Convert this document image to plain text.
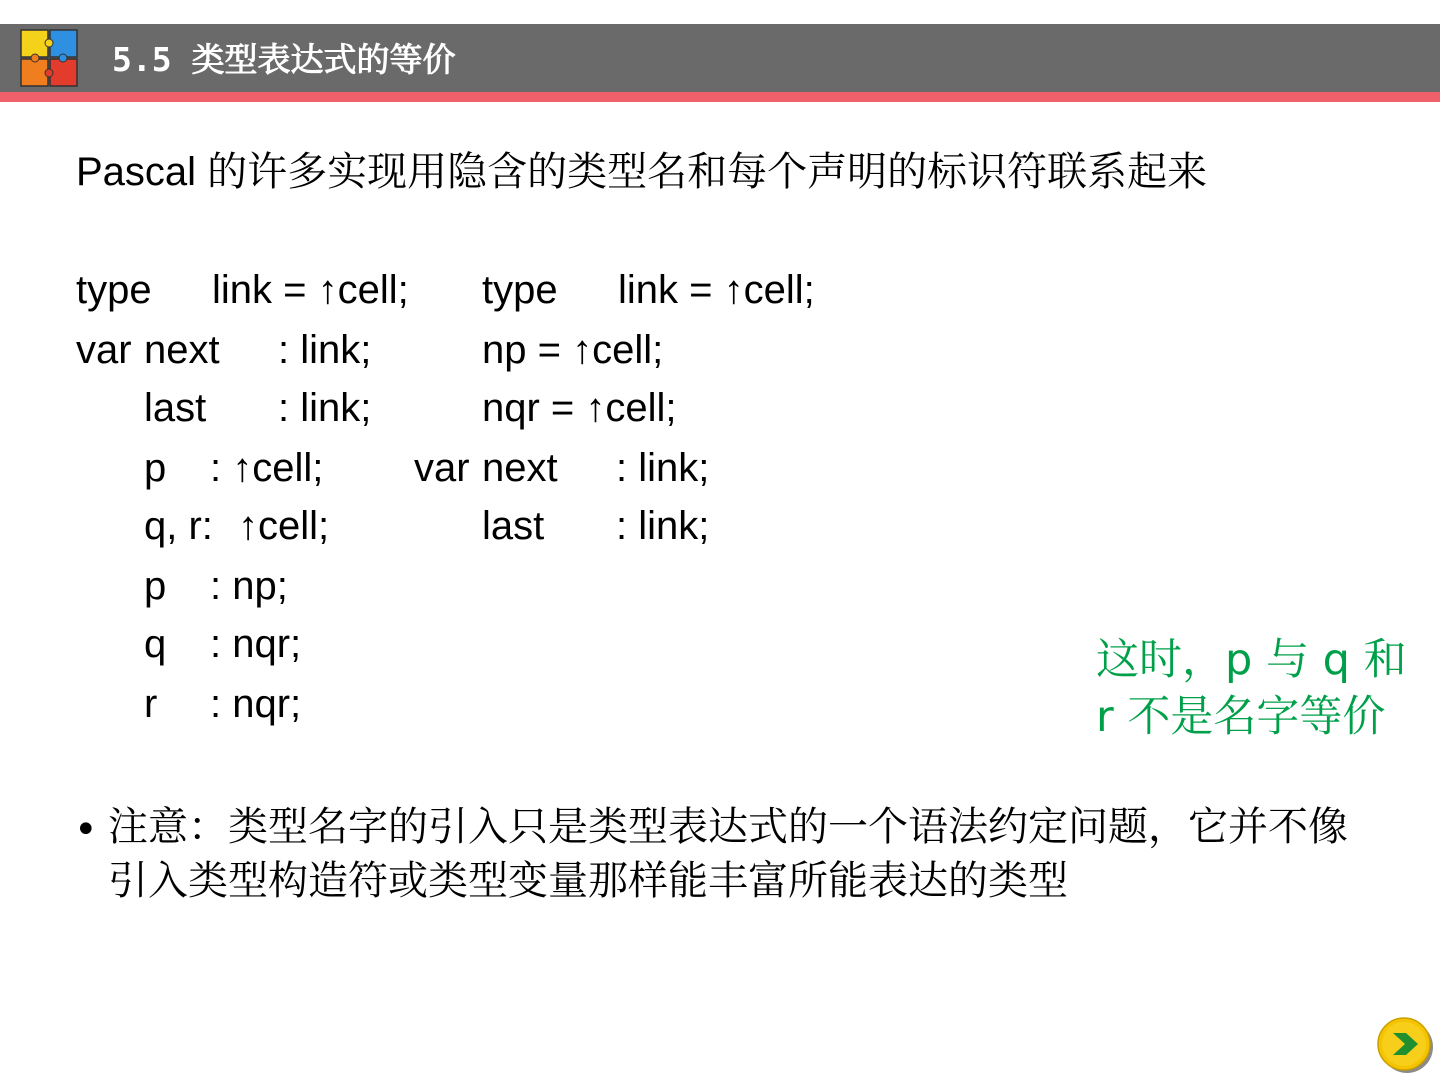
5.5 类型表达式的等价
Pascal 的许多实现用隐含的类型名和每个声明的标识符联系起来
type link = ↑cell;
var next : link;
last : link;
p : ↑cell;
q, r: ↑cell;
p : np;
q : nqr;
r : nqr;
type link = ↑cell;
np = ↑cell;
nqr = ↑cell;
var next : link;
last : link;
这时，p 与 q 和 r 不是名字等价
• 注意：类型名字的引入只是类型表达式的一个语法约定问题，它并不像引入类型构造符或类型变量那样能丰富所能表达的类型
